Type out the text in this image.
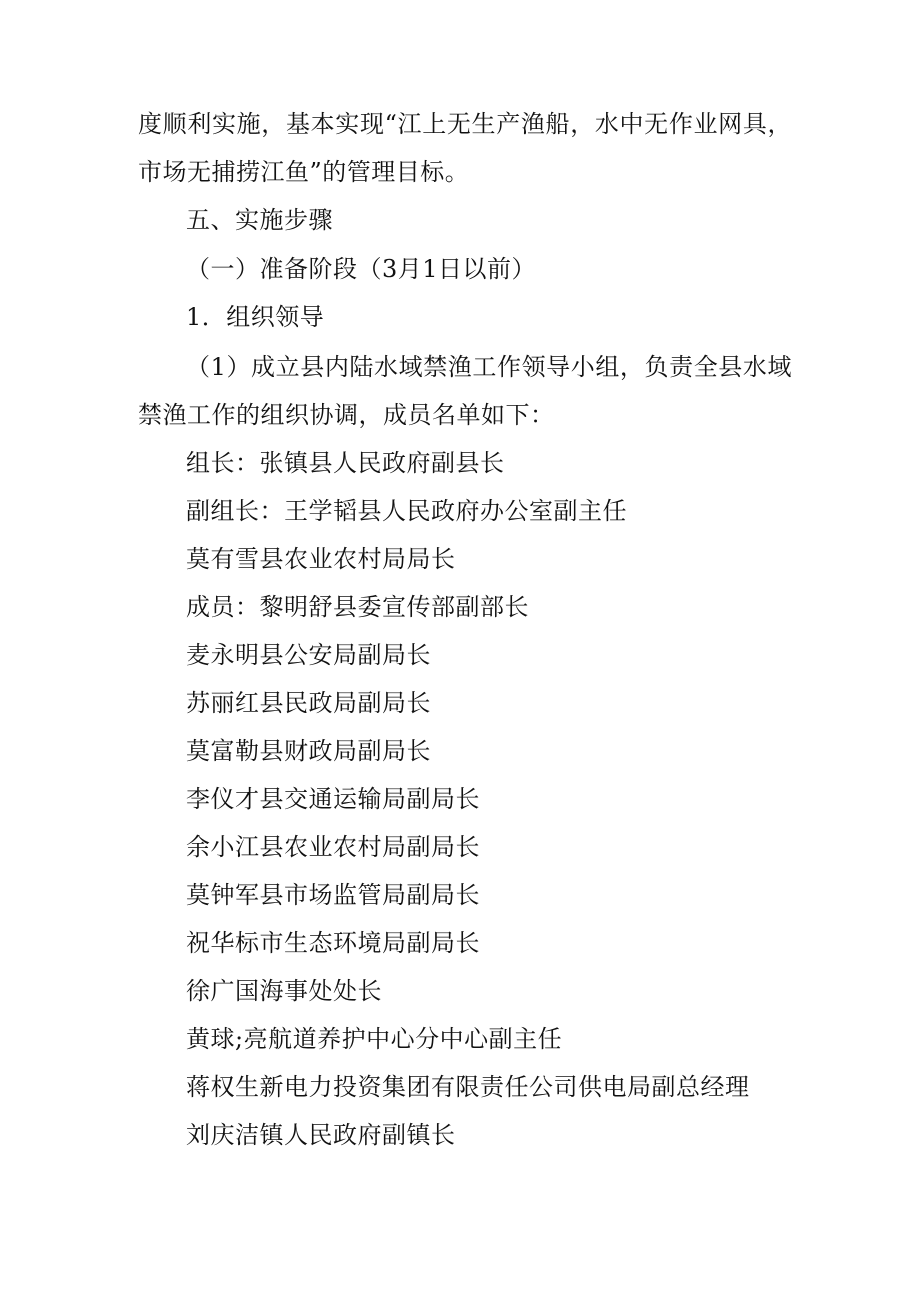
度顺利实施，基本实现“江上无生产渔船，水中无作业网具，
市场无捕捞江鱼”的管理目标。
五、实施步骤
（一）准备阶段（3月1日以前）
1．组织领导
（1）成立县内陆水域禁渔工作领导小组，负责全县水域
禁渔工作的组织协调，成员名单如下：
组长：张镇县人民政府副县长
副组长：王学韬县人民政府办公室副主任
莫有雪县农业农村局局长
成员：黎明舒县委宣传部副部长
麦永明县公安局副局长
苏丽红县民政局副局长
莫富勒县财政局副局长
李仪才县交通运输局副局长
余小江县农业农村局副局长
莫钟军县市场监管局副局长
祝华标市生态环境局副局长
徐广国海事处处长
黄球;亮航道养护中心分中心副主任
蒋权生新电力投资集团有限责任公司供电局副总经理
刘庆洁镇人民政府副镇长
